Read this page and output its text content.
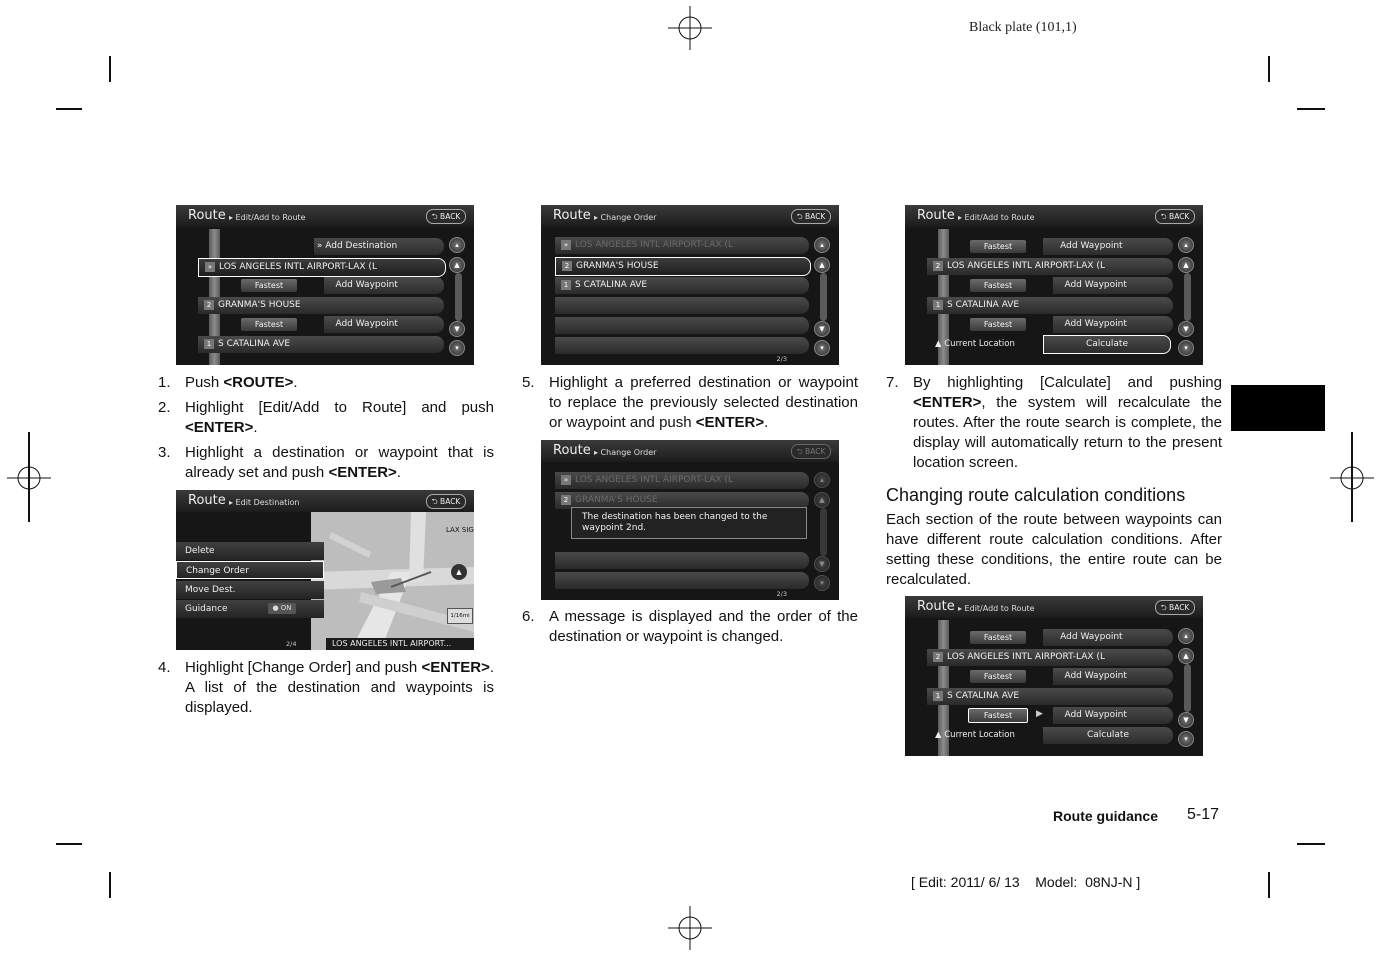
Black plate (101,1)
Route ▸ Edit/Add to Route	⮌ BACK
» Add Destination
» LOS ANGELES INTL AIRPORT-LAX (L
Fastest	Add Waypoint
2 GRANMA'S HOUSE
Fastest	Add Waypoint
1 S CATALINA AVE
▴
▲
▼
▾
1. Push <ROUTE>.
2. Highlight [Edit/Add to Route] and push <ENTER>.
3. Highlight a destination or waypoint that is already set and push <ENTER>.
Route ▸ Edit Destination	⮌ BACK
Delete
Change Order
Move Dest.
Guidance	● ON
2/4
LAX SIG
▲
1/16mi
LOS ANGELES INTL AIRPORT...
4. Highlight [Change Order] and push <ENTER>. A list of the destination and waypoints is displayed.
Route ▸ Change Order	⮌ BACK
» LOS ANGELES INTL AIRPORT-LAX (L
2 GRANMA'S HOUSE
1 S CATALINA AVE
▴
▲
▼
▾
2/3
5. Highlight a preferred destination or waypoint to replace the previously selected destination or waypoint and push <ENTER>.
Route ▸ Change Order	⮌ BACK
» LOS ANGELES INTL AIRPORT-LAX (L
2 GRANMA'S HOUSE
The destination has been changed to the waypoint 2nd.
▴
▲
▼
▾
2/3
6. A message is displayed and the order of the destination or waypoint is changed.
Route ▸ Edit/Add to Route	⮌ BACK
Fastest	Add Waypoint
2 LOS ANGELES INTL AIRPORT-LAX (L
Fastest	Add Waypoint
1 S CATALINA AVE
Fastest	Add Waypoint
▲ Current Location	Calculate
▴
▲
▼
▾
7. By highlighting [Calculate] and pushing <ENTER>, the system will recalculate the routes. After the route search is complete, the display will automatically return to the present location screen.
Changing route calculation conditions
Each section of the route between waypoints can have different route calculation conditions. After setting these conditions, the entire route can be recalculated.
Route ▸ Edit/Add to Route	⮌ BACK
Fastest	Add Waypoint
2 LOS ANGELES INTL AIRPORT-LAX (L
Fastest	Add Waypoint
1 S CATALINA AVE
Fastest	▶	Add Waypoint
▲ Current Location	Calculate
▴
▲
▼
▾
Route guidance 5-17
[ Edit: 2011/ 6/ 13    Model:  08NJ-N ]
